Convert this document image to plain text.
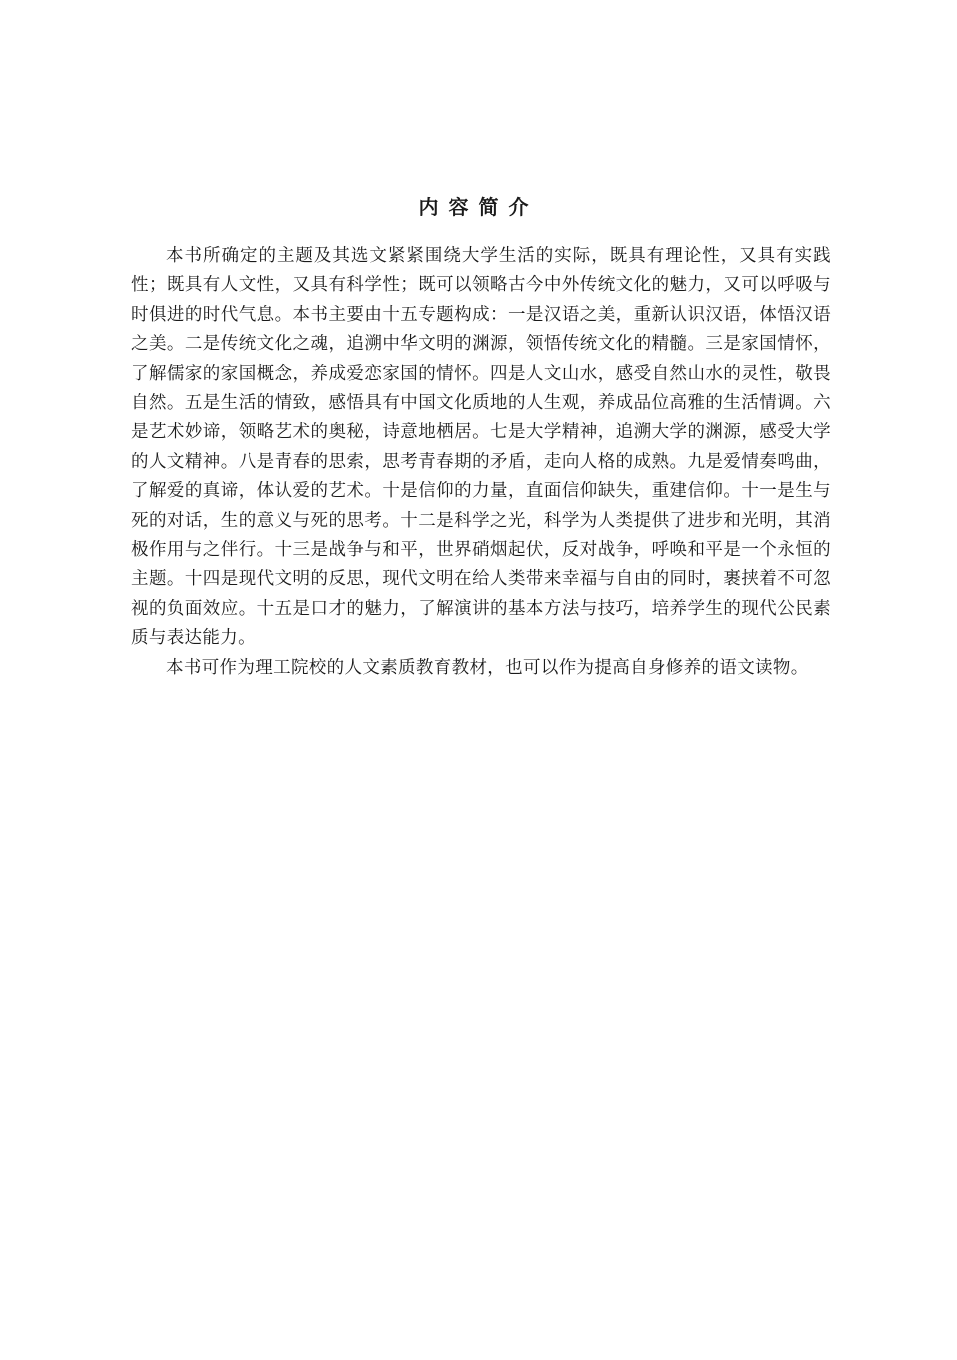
内容简介

本书所确定的主题及其选文紧紧围绕大学生活的实际，既具有理论性，又具有实践性；既具有人文性，又具有科学性；既可以领略古今中外传统文化的魅力，又可以呼吸与时俱进的时代气息。本书主要由十五专题构成：一是汉语之美，重新认识汉语，体悟汉语之美。二是传统文化之魂，追溯中华文明的渊源，领悟传统文化的精髓。三是家国情怀，了解儒家的家国概念，养成爱恋家国的情怀。四是人文山水，感受自然山水的灵性，敬畏自然。五是生活的情致，感悟具有中国文化质地的人生观，养成品位高雅的生活情调。六是艺术妙谛，领略艺术的奥秘，诗意地栖居。七是大学精神，追溯大学的渊源，感受大学的人文精神。八是青春的思索，思考青春期的矛盾，走向人格的成熟。九是爱情奏鸣曲，了解爱的真谛，体认爱的艺术。十是信仰的力量，直面信仰缺失，重建信仰。十一是生与死的对话，生的意义与死的思考。十二是科学之光，科学为人类提供了进步和光明，其消极作用与之伴行。十三是战争与和平，世界硝烟起伏，反对战争，呼唤和平是一个永恒的主题。十四是现代文明的反思，现代文明在给人类带来幸福与自由的同时，裹挟着不可忽视的负面效应。十五是口才的魅力，了解演讲的基本方法与技巧，培养学生的现代公民素质与表达能力。

本书可作为理工院校的人文素质教育教材，也可以作为提高自身修养的语文读物。
